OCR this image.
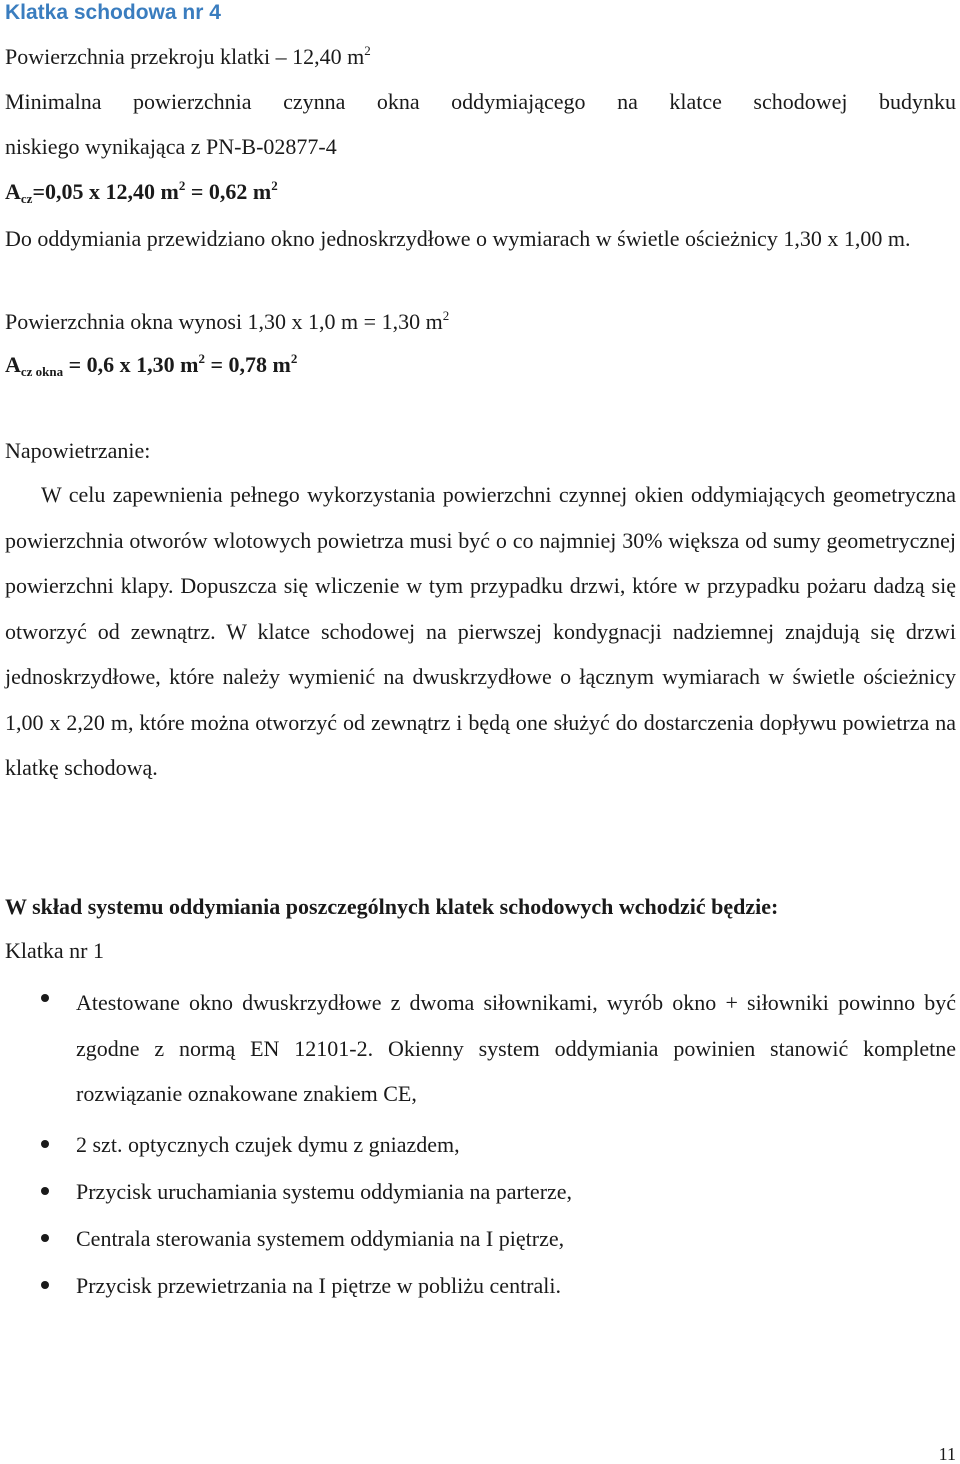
Klatka schodowa nr 4
Powierzchnia przekroju klatki – 12,40 $m^2$
Minimalna powierzchnia czynna okna oddymiającego na klatce schodowej budynku
niskiego wynikająca z PN-B-02877-4
$A_{cz}=0,05$ x 12,40 $m^2 = 0,62$ $m^2$

Do oddymiania przewidziano okno jednoskrzydłowe o wymiarach w świetle ościeżnicy 1,30 x 1,00 m.

Powierzchnia okna wynosi 1,30 x 1,0 m = 1,30 $m^2$
$A_{cz okna} = 0,6$ x 1,30 $m^2 = 0,78$ $m^2$
Napowietrzanie:

W celu zapewnienia pełnego wykorzystania powierzchni czynnej okien oddymiających geometryczna powierzchnia otworów wlotowych powietrza musi być o co najmniej 30% większa od sumy geometrycznej powierzchni klapy. Dopuszcza się wliczenie w tym przypadku drzwi, które w przypadku pożaru dadzą się otworzyć od zewnątrz. W klatce schodowej na pierwszej kondygnacji nadziemnej znajdują się drzwi jednoskrzydłowe, które należy wymienić na dwuskrzydłowe o łącznym wymiarach w świetle ościeżnicy 1,00 x 2,20 m, które można otworzyć od zewnątrz i będą one służyć do dostarczenia dopływu powietrza na klatkę schodową.

W skład systemu oddymiania poszczególnych klatek schodowych wchodzić będzie:
Klatka nr 1
Atestowane okno dwuskrzydłowe z dwoma siłownikami, wyrób okno + siłowniki powinno być zgodne z normą EN 12101-2. Okienny system oddymiania powinien stanowić kompletne rozwiązanie oznakowane znakiem CE,
2 szt. optycznych czujek dymu z gniazdem,
Przycisk uruchamiania systemu oddymiania na parterze,
Centrala sterowania systemem oddymiania na I piętrze,
Przycisk przewietrzania na I piętrze w pobliżu centrali.
11
